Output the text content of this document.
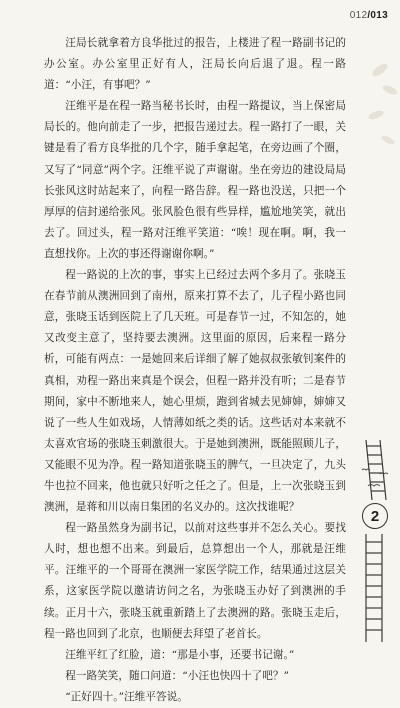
012/013

汪局长就拿着方良华批过的报告，上楼进了程一路副书记的办公室。办公室里正好有人，汪局长向后退了退。程一路道：“小汪，有事吧？”

汪维平是在程一路当秘书长时，由程一路提议，当上保密局局长的。他向前走了一步，把报告递过去。程一路打了一眼，关键是看了看方良华批的几个字，随手拿起笔，在旁边画了个圈，又写了“同意”两个字。汪维平说了声谢谢。坐在旁边的建设局局长张风这时站起来了，向程一路告辞。程一路也没送，只把一个厚厚的信封递给张风。张风脸色很有些异样，尴尬地笑笑，就出去了。回过头，程一路对汪维平笑道：“唉！现在啊。啊，我一直想找你。上次的事还得谢谢你啊。”

程一路说的上次的事，事实上已经过去两个多月了。张晓玉在春节前从澳洲回到了南州，原来打算不去了，儿子程小路也同意，张晓玉话到医院上了几天班。可是春节一过，不知怎的，她又改变主意了，坚持要去澳洲。这里面的原因，后来程一路分析，可能有两点：一是她回来后详细了解了她叔叔张敏钊案件的真相，劝程一路出来真是个误会，但程一路并没有听；二是春节期间，家中不断地来人，她心里烦，跑到省城去见婶婶，婶婶又说了一些人生如戏场，人情薄如纸之类的话。这些话对本来就不太喜欢官场的张晓玉刺激很大。于是她到澳洲，既能照顾儿子，又能眼不见为净。程一路知道张晓玉的脾气，一旦决定了，九头牛也拉不回来，他也就只好听之任之了。但是，上一次张晓玉到澳洲，是蒋和川以南日集团的名义办的。这次找谁呢？

程一路虽然身为副书记，以前对这些事并不怎么关心。要找人时，想也想不出来。到最后，总算想出一个人，那就是汪维平。汪维平的一个哥哥在澳洲一家医学院工作，结果通过这层关系，这家医学院以邀请访问之名，为张晓玉办好了到澳洲的手续。正月十六，张晓玉就重新踏上了去澳洲的路。张晓玉走后，程一路也回到了北京，也顺便去拜望了老首长。

汪维平红了红脸，道：“那是小事，还要书记谢。”

程一路笑笑，随口问道：“小汪也快四十了吧？”

“正好四十。”汪维平答说。

2
